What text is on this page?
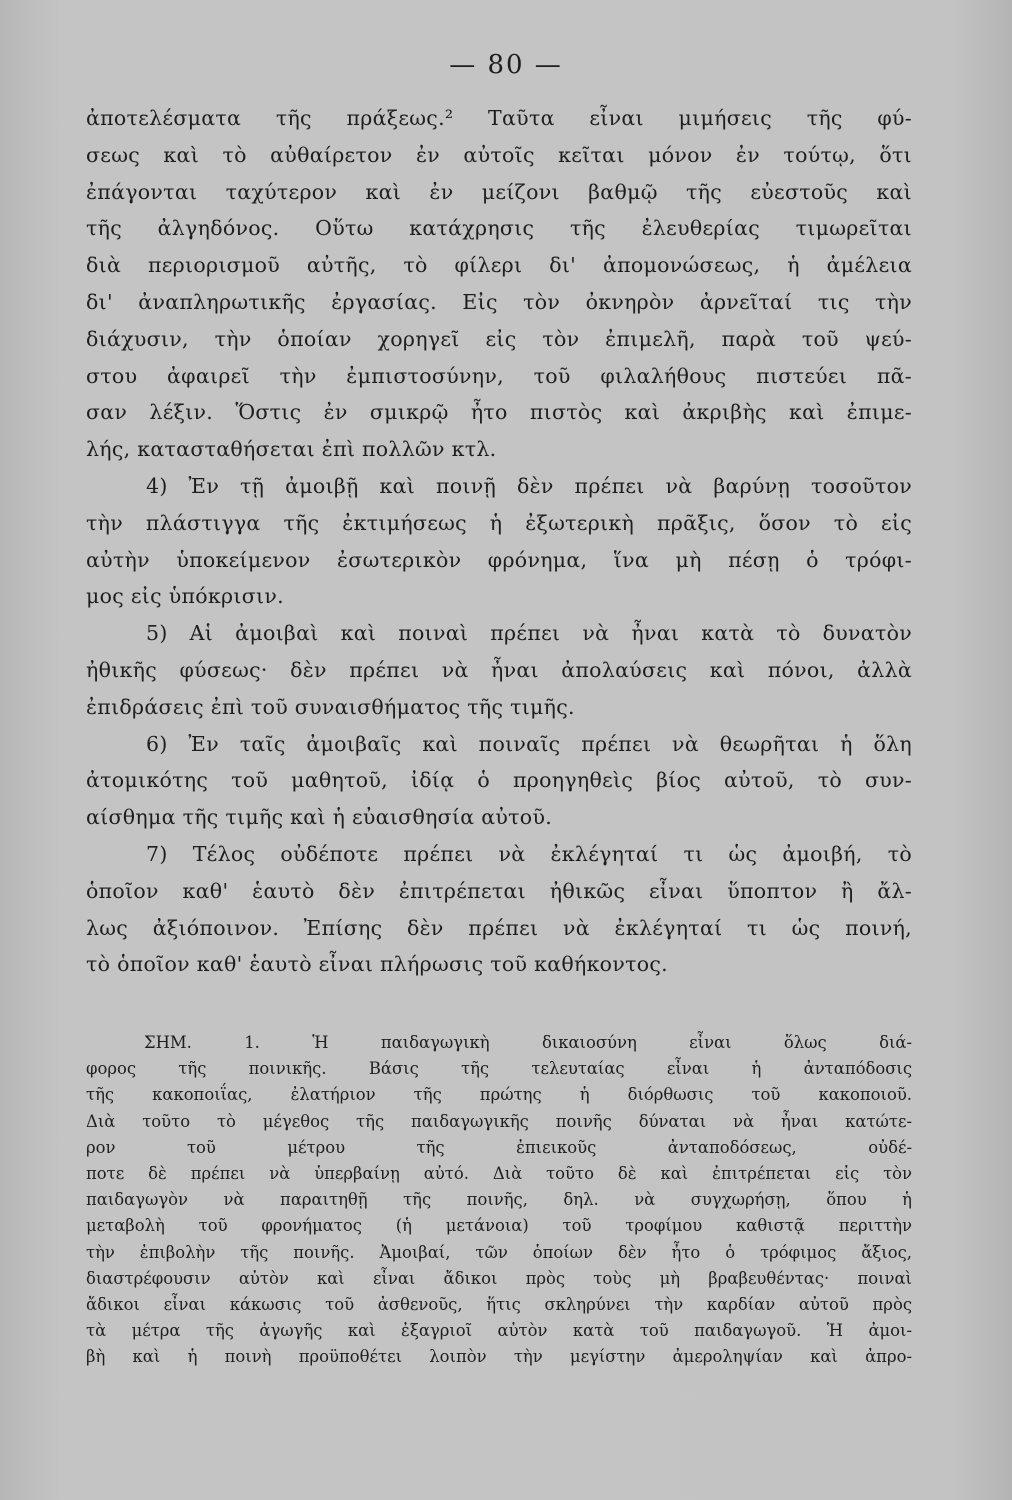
— 80 —
ἀποτελέσματα τῆς πράξεως.² Ταῦτα εἶναι μιμήσεις τῆς φύ-
σεως καὶ τὸ αὐθαίρετον ἐν αὐτοῖς κεῖται μόνον ἐν τούτῳ, ὅτι
ἐπάγονται ταχύτερον καὶ ἐν μείζονι βαθμῷ τῆς εὐεστοῦς καὶ
τῆς ἀλγηδόνος. Οὕτω κατάχρησις τῆς ἐλευθερίας τιμωρεῖται
διὰ περιορισμοῦ αὐτῆς, τὸ φίλερι δι' ἀπομονώσεως, ἡ ἀμέλεια
δι' ἀναπληρωτικῆς ἐργασίας. Εἰς τὸν ὀκνηρὸν ἀρνεῖταί τις τὴν
διάχυσιν, τὴν ὁποίαν χορηγεῖ εἰς τὸν ἐπιμελῆ, παρὰ τοῦ ψεύ-
στου ἀφαιρεῖ τὴν ἐμπιστοσύνην, τοῦ φιλαλήθους πιστεύει πᾶ-
σαν λέξιν. Ὅστις ἐν σμικρῷ ἦτο πιστὸς καὶ ἀκριβὴς καὶ ἐπιμε-
λής, κατασταθήσεται ἐπὶ πολλῶν κτλ.
4) Ἐν τῇ ἀμοιβῇ καὶ ποινῇ δὲν πρέπει νὰ βαρύνῃ τοσοῦτον
τὴν πλάστιγγα τῆς ἐκτιμήσεως ἡ ἐξωτερικὴ πρᾶξις, ὅσον τὸ εἰς
αὐτὴν ὑποκείμενον ἐσωτερικὸν φρόνημα, ἵνα μὴ πέσῃ ὁ τρόφι-
μος εἰς ὑπόκρισιν.
5) Αἱ ἀμοιβαὶ καὶ ποιναὶ πρέπει νὰ ἦναι κατὰ τὸ δυνατὸν
ἠθικῆς φύσεως· δὲν πρέπει νὰ ἦναι ἀπολαύσεις καὶ πόνοι, ἀλλὰ
ἐπιδράσεις ἐπὶ τοῦ συναισθήματος τῆς τιμῆς.
6) Ἐν ταῖς ἀμοιβαῖς καὶ ποιναῖς πρέπει νὰ θεωρῆται ἡ ὅλη
ἀτομικότης τοῦ μαθητοῦ, ἰδίᾳ ὁ προηγηθεὶς βίος αὐτοῦ, τὸ συν-
αίσθημα τῆς τιμῆς καὶ ἡ εὐαισθησία αὐτοῦ.
7) Τέλος οὐδέποτε πρέπει νὰ ἐκλέγηταί τι ὡς ἀμοιβή, τὸ
ὁποῖον καθ' ἑαυτὸ δὲν ἐπιτρέπεται ἠθικῶς εἶναι ὕποπτον ἢ ἄλ-
λως ἀξιόποινον. Ἐπίσης δὲν πρέπει νὰ ἐκλέγηταί τι ὡς ποινή,
τὸ ὁποῖον καθ' ἑαυτὸ εἶναι πλήρωσις τοῦ καθήκοντος.
ΣΗΜ. 1. Ἡ παιδαγωγικὴ δικαιοσύνη εἶναι ὅλως διά-
φορος τῆς ποινικῆς. Βάσις τῆς τελευταίας εἶναι ἡ ἀνταπόδοσις
τῆς κακοποιΐας, ἐλατήριον τῆς πρώτης ἡ διόρθωσις τοῦ κακοποιοῦ.
Διὰ τοῦτο τὸ μέγεθος τῆς παιδαγωγικῆς ποινῆς δύναται νὰ ἦναι κατώτε-
ρον τοῦ μέτρου τῆς ἐπιεικοῦς ἀνταποδόσεως, οὐδέ-
ποτε δὲ πρέπει νὰ ὑπερβαίνῃ αὐτό. Διὰ τοῦτο δὲ καὶ ἐπιτρέπεται εἰς τὸν
παιδαγωγὸν νὰ παραιτηθῇ τῆς ποινῆς, δηλ. νὰ συγχωρήσῃ, ὅπου ἡ
μεταβολὴ τοῦ φρονήματος (ἡ μετάνοια) τοῦ τροφίμου καθιστᾷ περιττὴν
τὴν ἐπιβολὴν τῆς ποινῆς. Ἀμοιβαί, τῶν ὁποίων δὲν ἦτο ὁ τρόφιμος ἄξιος,
διαστρέφουσιν αὐτὸν καὶ εἶναι ἄδικοι πρὸς τοὺς μὴ βραβευθέντας· ποιναὶ
ἄδικοι εἶναι κάκωσις τοῦ ἀσθενοῦς, ἥτις σκληρύνει τὴν καρδίαν αὐτοῦ πρὸς
τὰ μέτρα τῆς ἀγωγῆς καὶ ἐξαγριοῖ αὐτὸν κατὰ τοῦ παιδαγωγοῦ. Ἡ ἀμοι-
βὴ καὶ ἡ ποινὴ προϋποθέτει λοιπὸν τὴν μεγίστην ἀμεροληψίαν καὶ ἀπρο-
